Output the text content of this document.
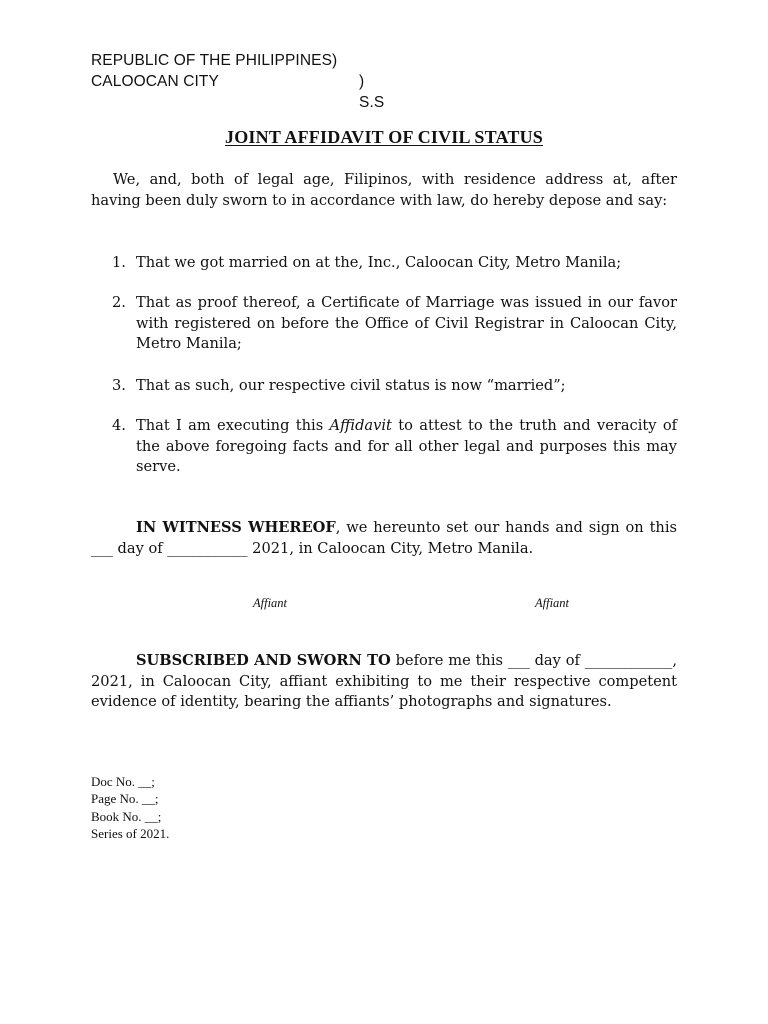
REPUBLIC OF THE PHILIPPINES)
CALOOCAN CITY	) S.S
JOINT AFFIDAVIT OF CIVIL STATUS
We, and, both of legal age, Filipinos, with residence address at, after having been duly sworn to in accordance with law, do hereby depose and say:
1. That we got married on at the, Inc., Caloocan City, Metro Manila;
2. That as proof thereof, a Certificate of Marriage was issued in our favor with registered on before the Office of Civil Registrar in Caloocan City, Metro Manila;
3. That as such, our respective civil status is now “married”;
4. That I am executing this Affidavit to attest to the truth and veracity of the above foregoing facts and for all other legal and purposes this may serve.
IN WITNESS WHEREOF, we hereunto set our hands and sign on this ___ day of ___________ 2021, in Caloocan City, Metro Manila.
Affiant	Affiant
SUBSCRIBED AND SWORN TO before me this ___ day of ____________, 2021, in Caloocan City, affiant exhibiting to me their respective competent evidence of identity, bearing the affiants’ photographs and signatures.
Doc No. __;
Page No. __;
Book No. __;
Series of 2021.
